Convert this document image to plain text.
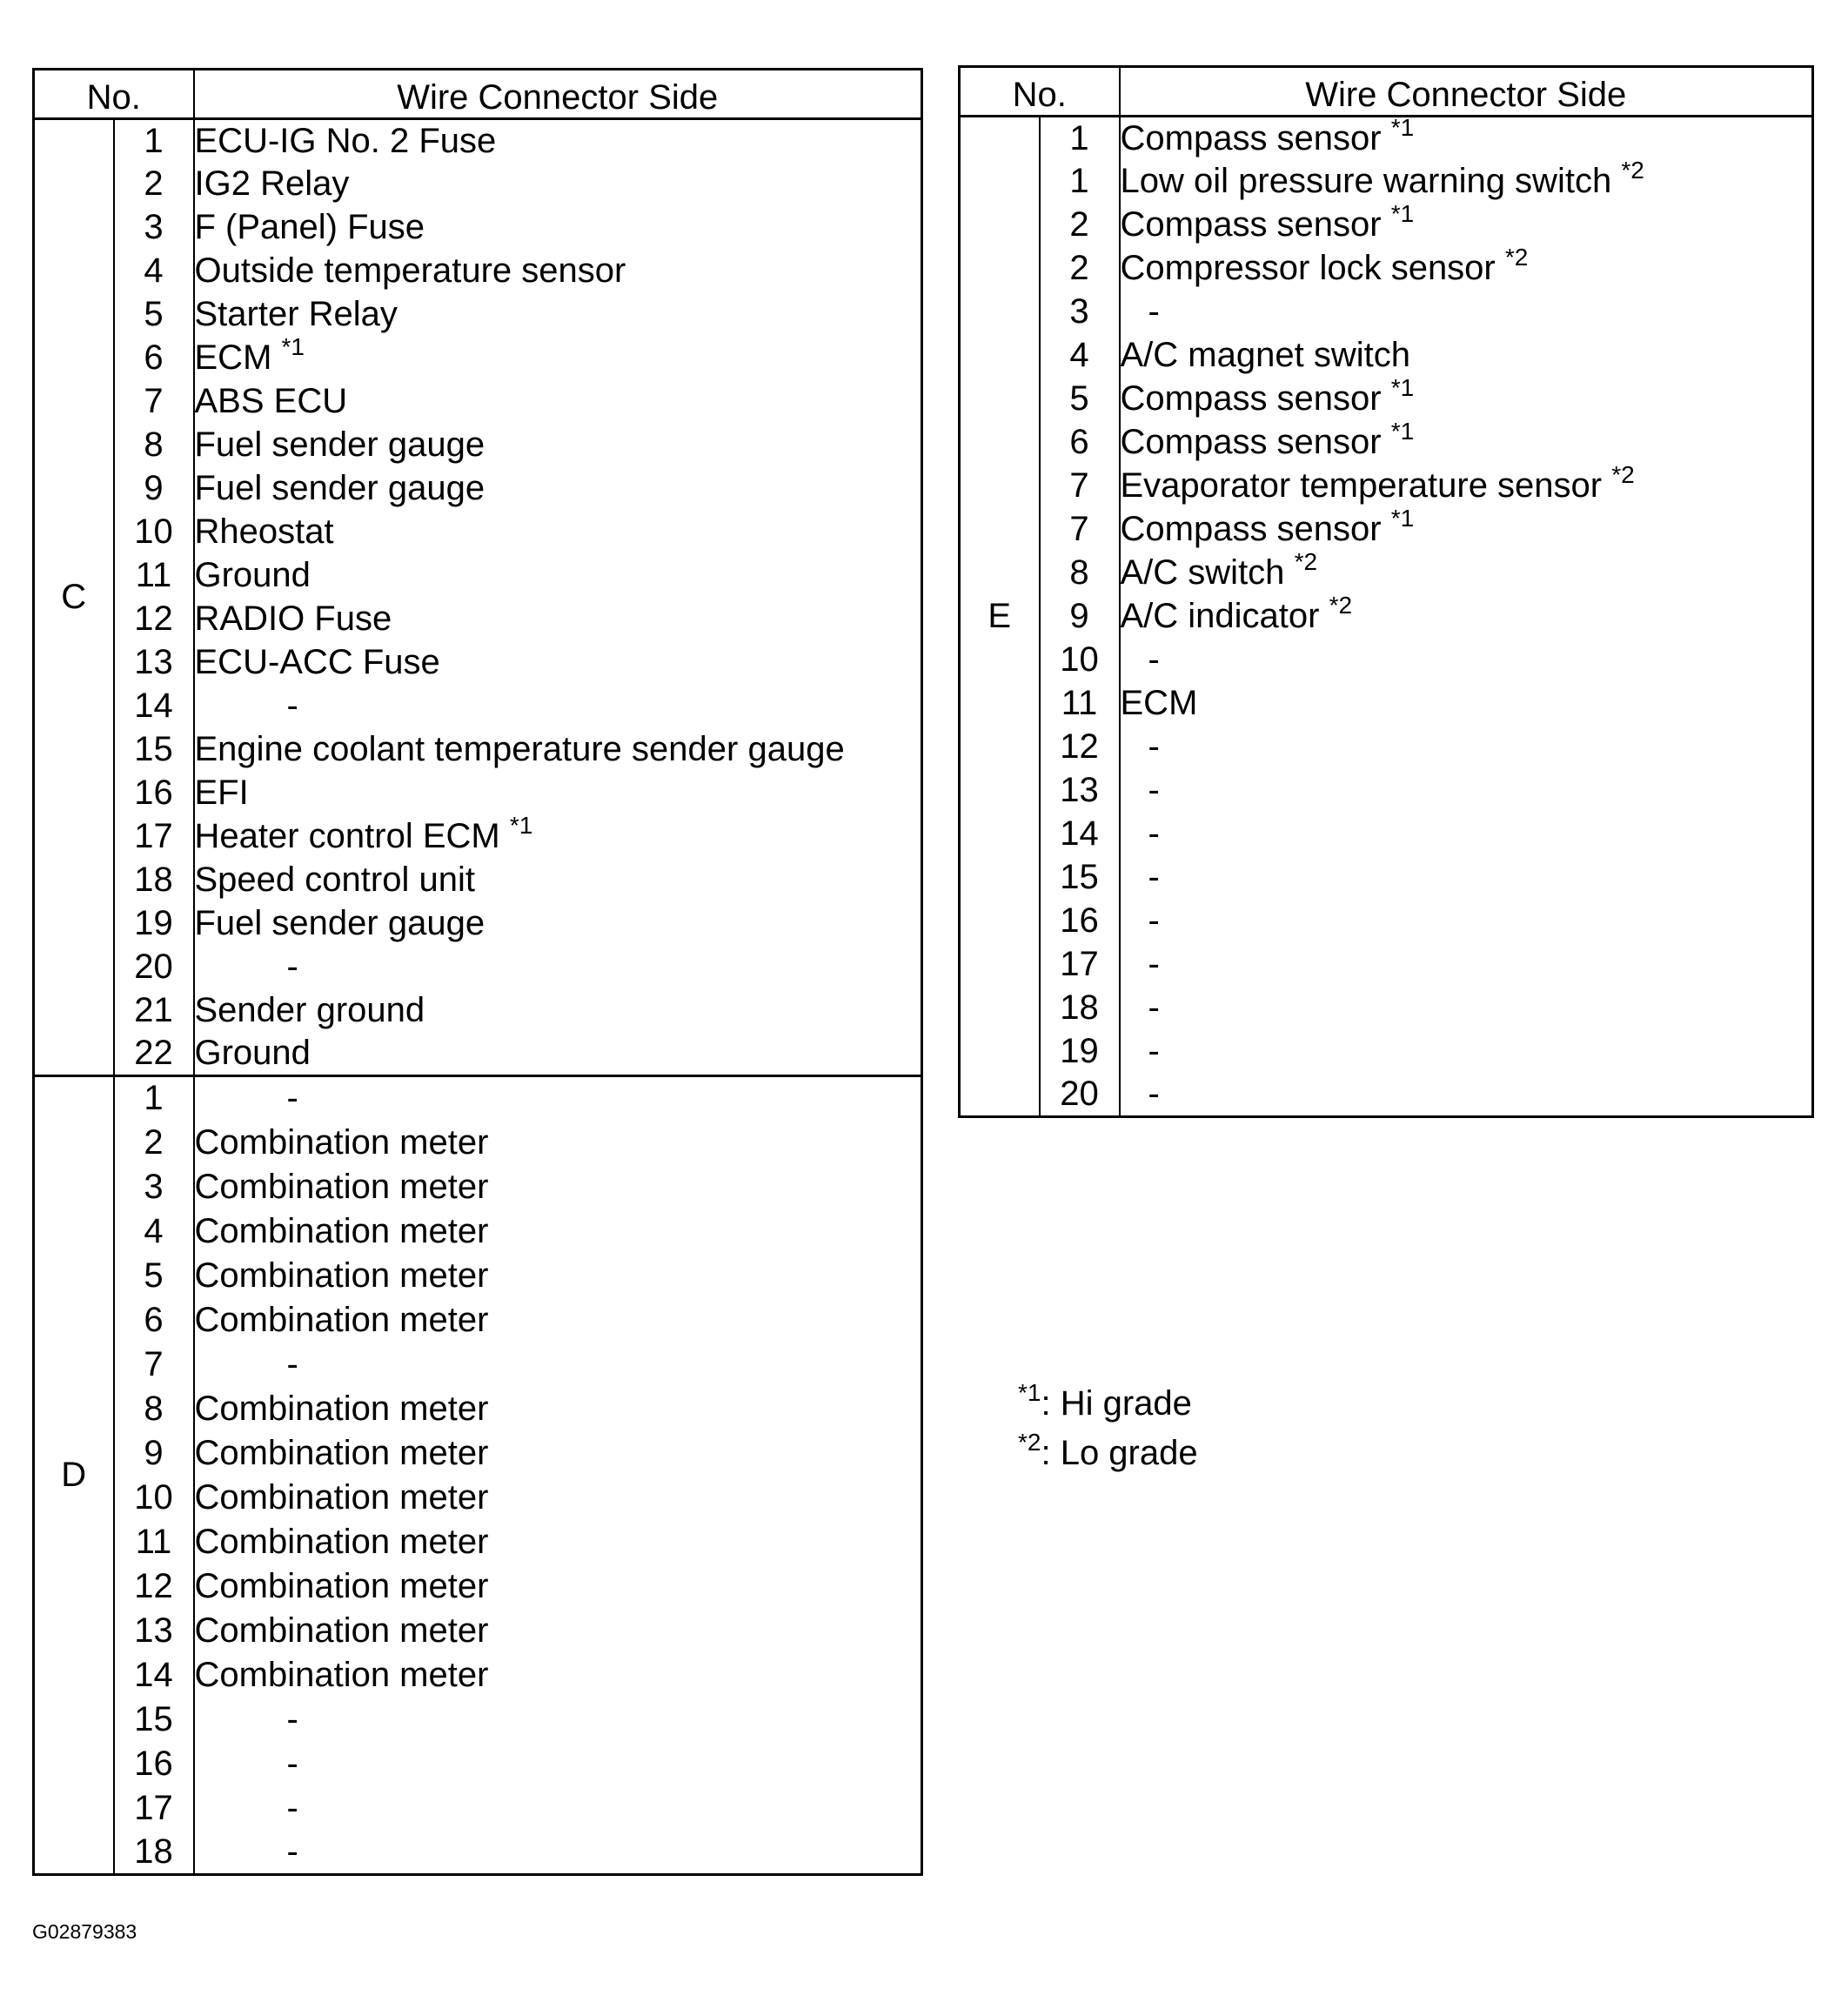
No.		Wire Connector Side
C	1	ECU-IG No. 2 Fuse
	2	IG2 Relay
	3	F (Panel) Fuse
	4	Outside temperature sensor
	5	Starter Relay
	6	ECM $^{*1}$
	7	ABS ECU
	8	Fuel sender gauge
	9	Fuel sender gauge
	10	Rheostat
	11	Ground
	12	RADIO Fuse
	13	ECU-ACC Fuse
	14	-
	15	Engine coolant temperature sender gauge
	16	EFI
	17	Heater control ECM $^{*1}$
	18	Speed control unit
	19	Fuel sender gauge
	20	-
	21	Sender ground
	22	Ground
D	1	-
	2	Combination meter
	3	Combination meter
	4	Combination meter
	5	Combination meter
	6	Combination meter
	7	-
	8	Combination meter
	9	Combination meter
	10	Combination meter
	11	Combination meter
	12	Combination meter
	13	Combination meter
	14	Combination meter
	15	-
	16	-
	17	-
	18	-
No.		Wire Connector Side
E	1	Compass sensor $^{*1}$
	1	Low oil pressure warning switch $^{*2}$
	2	Compass sensor $^{*1}$
	2	Compressor lock sensor $^{*2}$
	3	-
	4	A/C magnet switch
	5	Compass sensor $^{*1}$
	6	Compass sensor $^{*1}$
	7	Evaporator temperature sensor $^{*2}$
	7	Compass sensor $^{*1}$
	8	A/C switch $^{*2}$
	9	A/C indicator $^{*2}$
	10	-
	11	ECM
	12	-
	13	-
	14	-
	15	-
	16	-
	17	-
	18	-
	19	-
	20	-
$^{*1}$: Hi grade
$^{*2}$: Lo grade
G02879383
